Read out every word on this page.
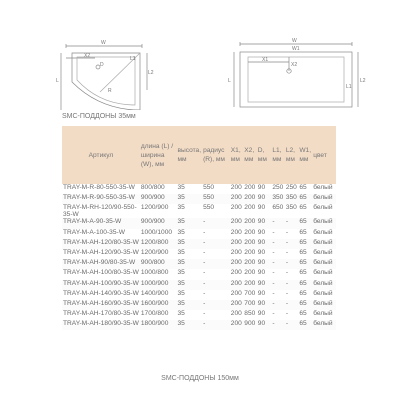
W
X2
D
R
L1
L
L2
W
W1
X1
X2
L
L1
L2
SMC-ПОДДОНЫ 35мм
Артикул	длина (L) / ширина (W), мм	высота, мм	радиус (R), мм	X1, мм	X2, мм	D, мм	L1, мм	L2, мм	W1, мм	цвет
TRAY-M-R-80-550-35-W	800/800	35	550	200	200	90	250	250	65	белый
TRAY-M-R-90-550-35-W	900/900	35	550	200	200	90	350	350	65	белый
TRAY-M-RH-120/90-550-35-W	1200/900	35	550	200	200	90	650	350	65	белый
TRAY-M-A-90-35-W	900/900	35	-	200	200	90	-	-	65	белый
TRAY-M-A-100-35-W	1000/1000	35	-	200	200	90	-	-	65	белый
TRAY-M-AH-120/80-35-W	1200/800	35	-	200	200	90	-	-	65	белый
TRAY-M-AH-120/90-35-W	1200/900	35	-	200	200	90	-	-	65	белый
TRAY-M-AH-90/80-35-W	900/800	35	-	200	200	90	-	-	65	белый
TRAY-M-AH-100/80-35-W	1000/800	35	-	200	200	90	-	-	65	белый
TRAY-M-AH-100/90-35-W	1000/900	35	-	200	200	90	-	-	65	белый
TRAY-M-AH-140/90-35-W	1400/900	35	-	200	700	90	-	-	65	белый
TRAY-M-AH-160/90-35-W	1600/900	35	-	200	700	90	-	-	65	белый
TRAY-M-AH-170/80-35-W	1700/800	35	-	200	850	90	-	-	65	белый
TRAY-M-AH-180/90-35-W	1800/900	35	-	200	900	90	-	-	65	белый
SMC-ПОДДОНЫ 150мм
